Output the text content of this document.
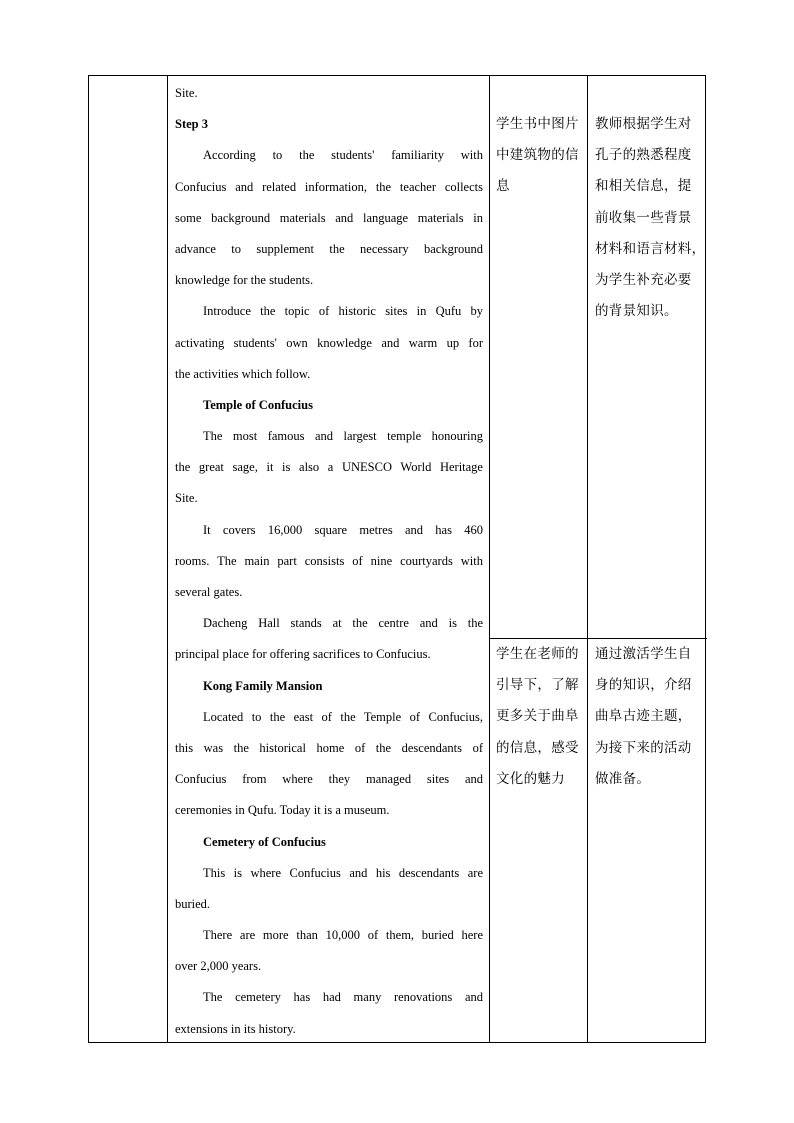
Site.

Step 3

According to the students' familiarity with

Confucius and related information, the teacher collects

some background materials and language materials in

advance to supplement the necessary background

knowledge for the students.

Introduce the topic of historic sites in Qufu by

activating students' own knowledge and warm up for

the activities which follow.

Temple of Confucius

The most famous and largest temple honouring

the great sage, it is also a UNESCO World Heritage

Site.

It covers 16,000 square metres and has 460

rooms. The main part consists of nine courtyards with

several gates.

Dacheng Hall stands at the centre and is the

principal place for offering sacrifices to Confucius.

Kong Family Mansion

Located to the east of the Temple of Confucius,

this was the historical home of the descendants of

Confucius from where they managed sites and

ceremonies in Qufu. Today it is a museum.

Cemetery of Confucius

This is where Confucius and his descendants are

buried.

There are more than 10,000 of them, buried here

over 2,000 years.

The cemetery has had many renovations and

extensions in its history.

学生书中图片
中建筑物的信
息
教师根据学生对
孔子的熟悉程度
和相关信息，提
前收集一些背景
材料和语言材料，
为学生补充必要
的背景知识。
学生在老师的
引导下，了解
更多关于曲阜
的信息，感受
文化的魅力
通过激活学生自
身的知识，介绍
曲阜古迹主题，
为接下来的活动
做准备。
